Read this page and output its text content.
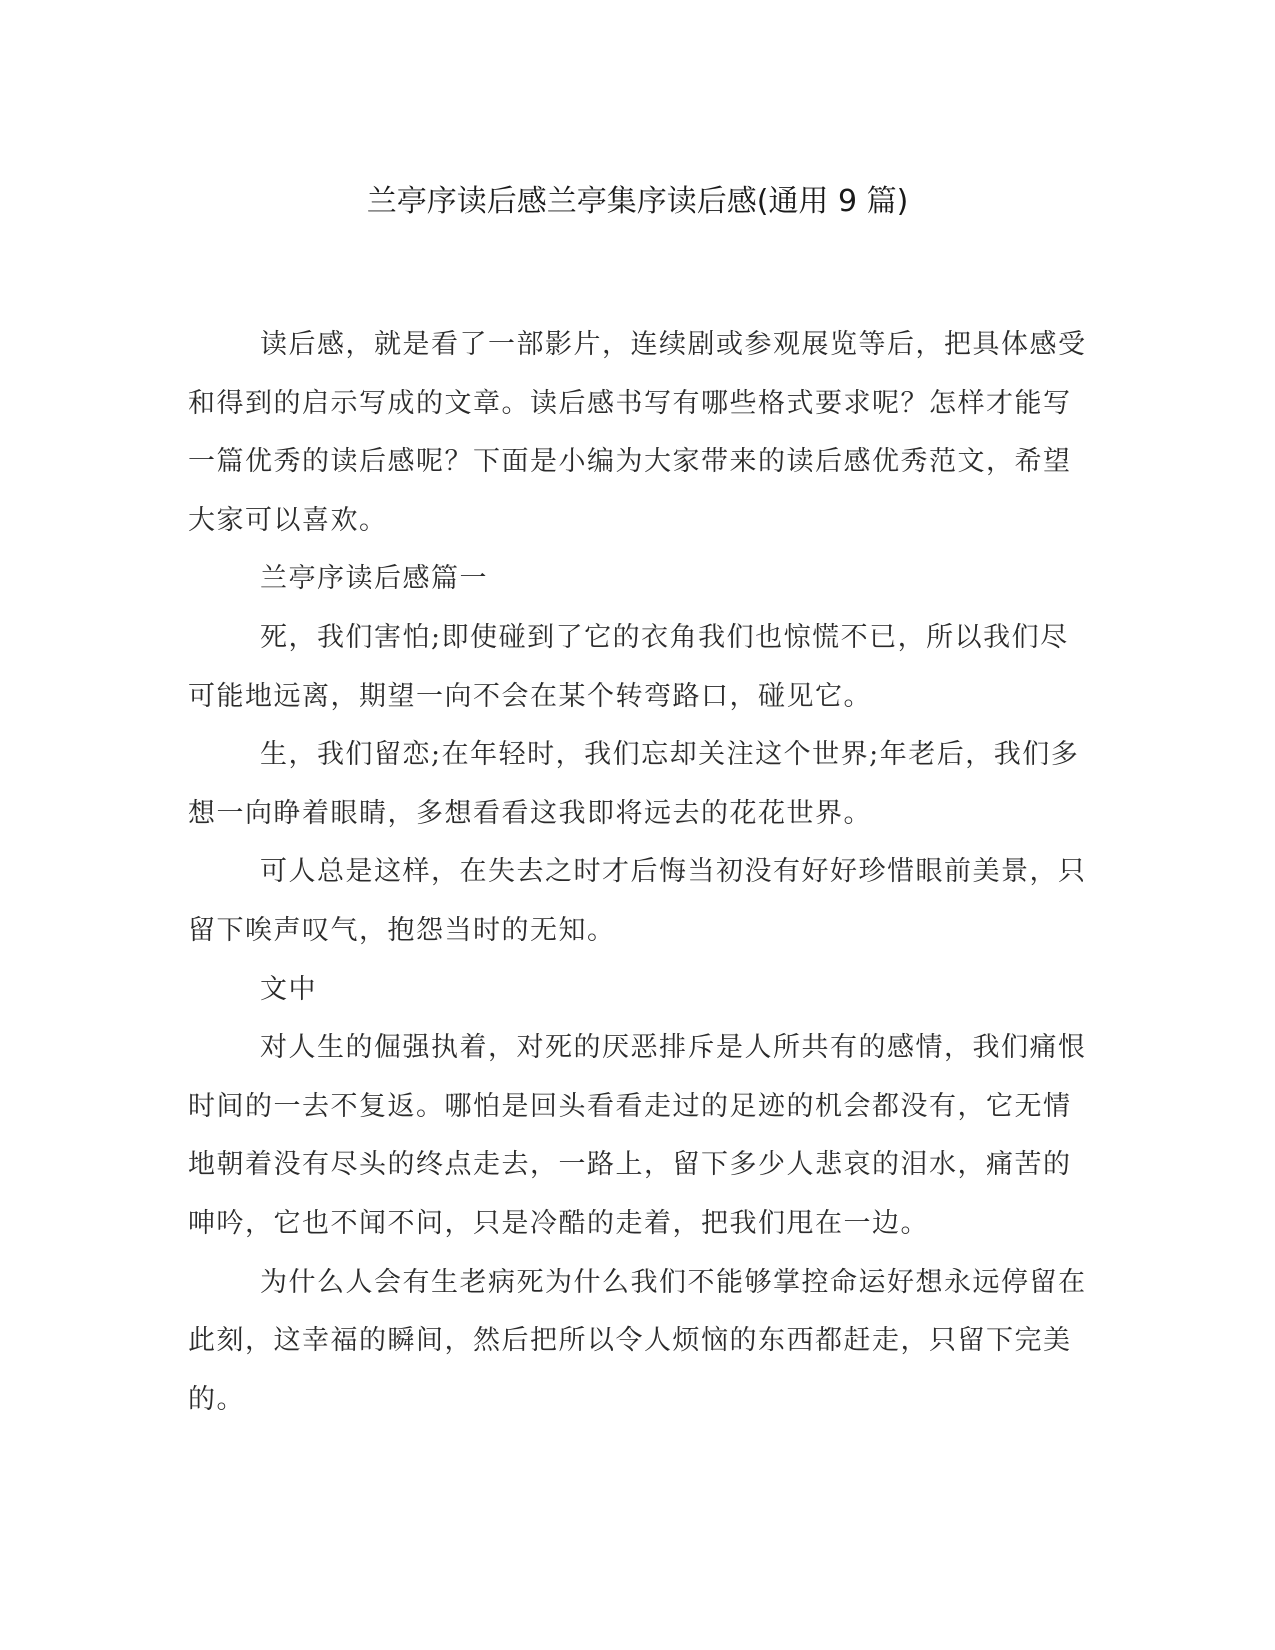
兰亭序读后感兰亭集序读后感(通用 9 篇)

读后感，就是看了一部影片，连续剧或参观展览等后，把具体感受和得到的启示写成的文章。读后感书写有哪些格式要求呢？怎样才能写一篇优秀的读后感呢？下面是小编为大家带来的读后感优秀范文，希望大家可以喜欢。

兰亭序读后感篇一

死，我们害怕;即使碰到了它的衣角我们也惊慌不已，所以我们尽可能地远离，期望一向不会在某个转弯路口，碰见它。

生，我们留恋;在年轻时，我们忘却关注这个世界;年老后，我们多想一向睁着眼睛，多想看看这我即将远去的花花世界。

可人总是这样，在失去之时才后悔当初没有好好珍惜眼前美景，只留下唉声叹气，抱怨当时的无知。

文中

对人生的倔强执着，对死的厌恶排斥是人所共有的感情，我们痛恨时间的一去不复返。哪怕是回头看看走过的足迹的机会都没有，它无情地朝着没有尽头的终点走去，一路上，留下多少人悲哀的泪水，痛苦的呻吟，它也不闻不问，只是冷酷的走着，把我们甩在一边。

为什么人会有生老病死为什么我们不能够掌控命运好想永远停留在此刻，这幸福的瞬间，然后把所以令人烦恼的东西都赶走，只留下完美的。
